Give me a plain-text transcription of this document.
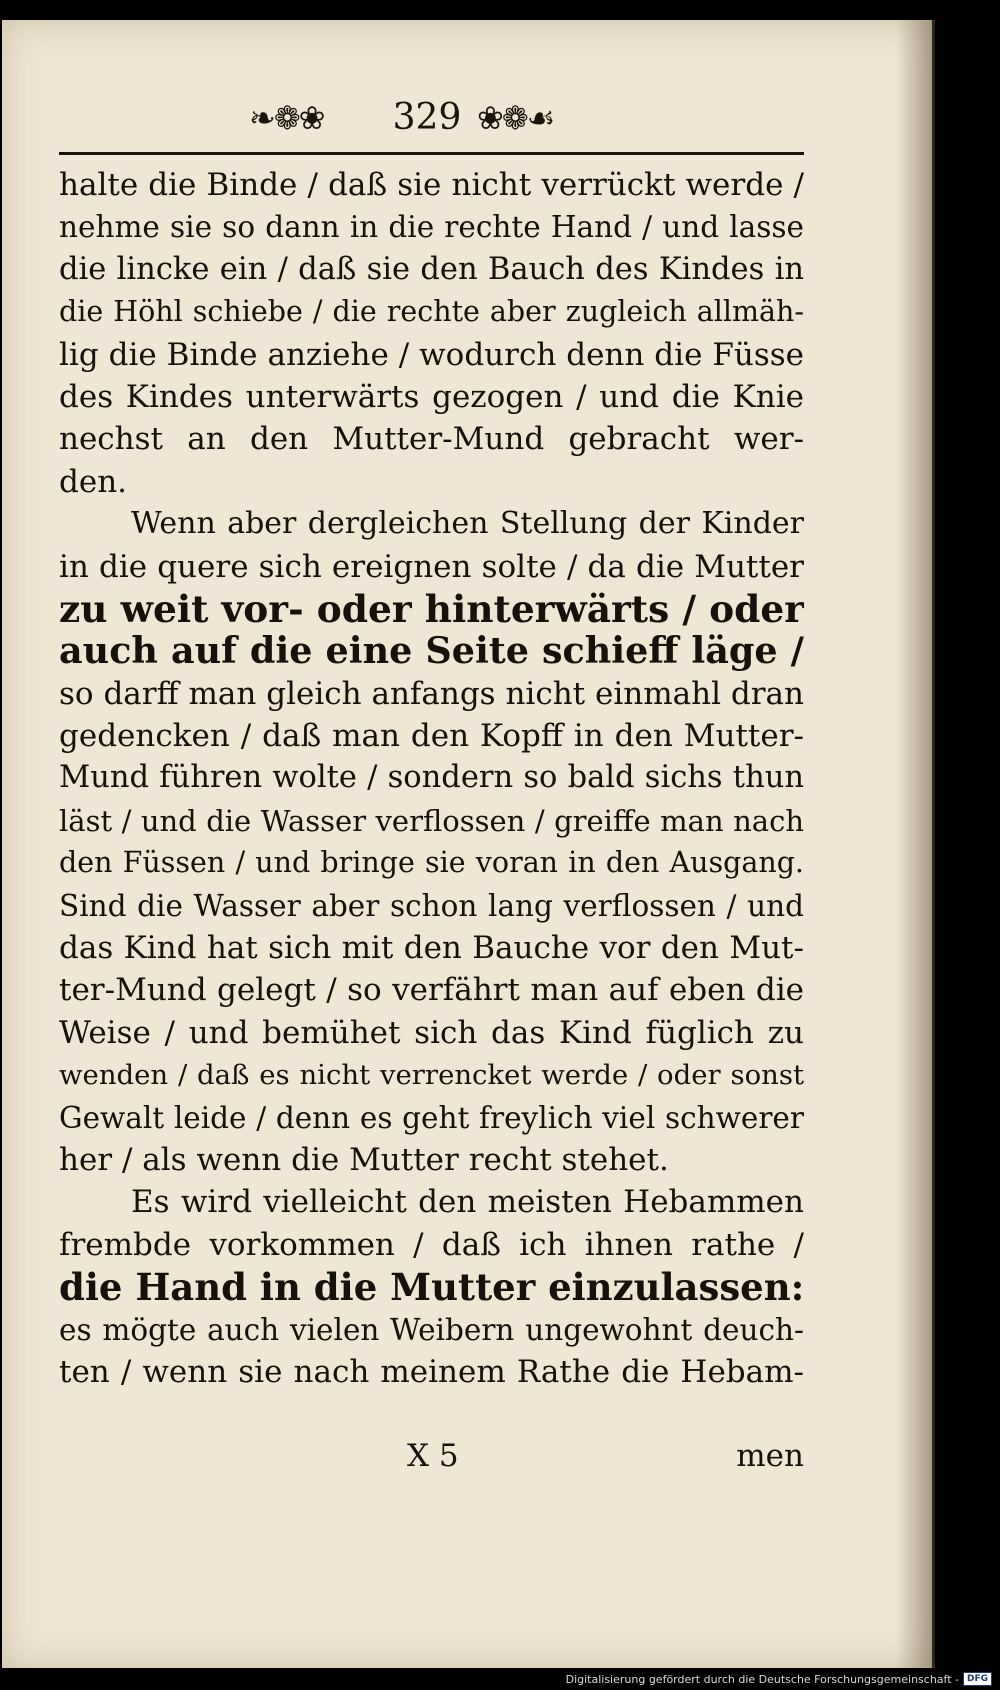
❧❁❀	329 ❀❁☙
halte die Binde / daß sie nicht verrückt werde /
nehme sie so dann in die rechte Hand / und lasse
die lincke ein / daß sie den Bauch des Kindes in
die Höhl schiebe / die rechte aber zugleich allmäh-
lig die Binde anziehe / wodurch denn die Füsse
des Kindes unterwärts gezogen / und die Knie
nechst an den Mutter-Mund gebracht wer-
den.
Wenn aber dergleichen Stellung der Kinder
in die quere sich ereignen solte / da die Mutter
zu weit vor- oder hinterwärts / oder
auch auf die eine Seite schieff läge /
so darff man gleich anfangs nicht einmahl dran
gedencken / daß man den Kopff in den Mutter-
Mund führen wolte / sondern so bald sichs thun
läst / und die Wasser verflossen / greiffe man nach
den Füssen / und bringe sie voran in den Ausgang.
Sind die Wasser aber schon lang verflossen / und
das Kind hat sich mit den Bauche vor den Mut-
ter-Mund gelegt / so verfährt man auf eben die
Weise / und bemühet sich das Kind füglich zu
wenden / daß es nicht verrencket werde / oder sonst
Gewalt leide / denn es geht freylich viel schwerer
her / als wenn die Mutter recht stehet.
Es wird vielleicht den meisten Hebammen
frembde vorkommen / daß ich ihnen rathe /
die Hand in die Mutter einzulassen:
es mögte auch vielen Weibern ungewohnt deuch-
ten / wenn sie nach meinem Rathe die Hebam-
X 5	men
Digitalisierung gefördert durch die Deutsche Forschungsgemeinschaft - DFG
